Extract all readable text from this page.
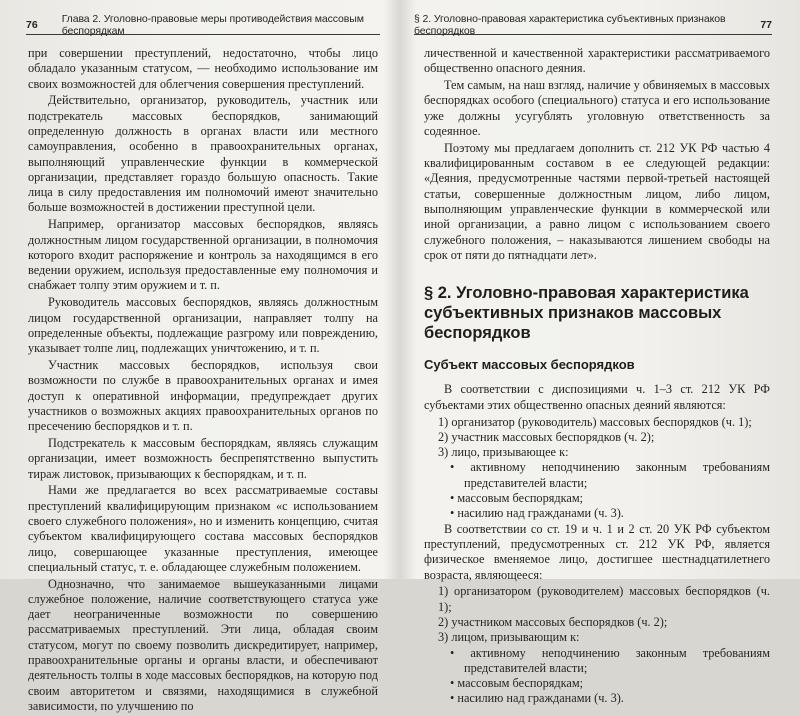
76 Глава 2. Уголовно-правовые меры противодействия массовым беспорядкам

при совершении преступлений, недостаточно, чтобы лицо обладало указанным статусом, — необходимо использование им своих возможностей для облегчения совершения преступлений.

Действительно, организатор, руководитель, участник или подстрекатель массовых беспорядков, занимающий определенную должность в органах власти или местного самоуправления, особенно в правоохранительных органах, выполняющий управленческие функции в коммерческой организации, представляет гораздо большую опасность. Такие лица в силу предоставления им полномочий имеют значительно больше возможностей в достижении преступной цели.

Например, организатор массовых беспорядков, являясь должностным лицом государственной организации, в полномочия которого входит распоряжение и контроль за находящимся в его ведении оружием, используя предоставленные ему полномочия и снабжает толпу этим оружием и т. п.

Руководитель массовых беспорядков, являясь должностным лицом государственной организации, направляет толпу на определенные объекты, подлежащие разгрому или повреждению, указывает толпе лиц, подлежащих уничтожению, и т. п.

Участник массовых беспорядков, используя свои возможности по службе в правоохранительных органах и имея доступ к оперативной информации, предупреждает других участников о возможных акциях правоохранительных органов по пресечению беспорядков и т. п.

Подстрекатель к массовым беспорядкам, являясь служащим организации, имеет возможность беспрепятственно выпустить тираж листовок, призывающих к беспорядкам, и т. п.

Нами же предлагается во всех рассматриваемые составы преступлений квалифицирующим признаком «с использованием своего служебного положения», но и изменить концепцию, считая субъектом квалифицирующего состава массовых беспорядков лицо, совершающее указанные преступления, имеющее специальный статус, т. е. обладающее служебным положением.

Однозначно, что занимаемое вышеуказанными лицами служебное положение, наличие соответствующего статуса уже дает неограниченные возможности по совершению рассматриваемых преступлений. Эти лица, обладая своим статусом, могут по своему позволить дискредитирует, например, правоохранительные органы и органы власти, и обеспечивают деятельность толпы в ходе массовых беспорядков, на которую под своим авторитетом и связями, находящимися в служебной зависимости, по улучшению по

§ 2. Уголовно-правовая характеристика субъективных признаков беспорядков	77

личественной и качественной характеристики рассматриваемого общественно опасного деяния.

Тем самым, на наш взгляд, наличие у обвиняемых в массовых беспорядках особого (специального) статуса и его использование уже должны усугублять уголовную ответственность за содеянное.

Поэтому мы предлагаем дополнить ст. 212 УК РФ частью 4 квалифицированным составом в ее следующей редакции: «Деяния, предусмотренные частями первой-третьей настоящей статьи, совершенные должностным лицом, либо лицом, выполняющим управленческие функции в коммерческой или иной организации, а равно лицом с использованием своего служебного положения, – наказываются лишением свободы на срок от пяти до пятнадцати лет».

§ 2. Уголовно-правовая характеристика субъективных признаков массовых беспорядков
Субъект массовых беспорядков

В соответствии с диспозициями ч. 1–3 ст. 212 УК РФ субъектами этих общественно опасных деяний являются:

1) организатор (руководитель) массовых беспорядков (ч. 1);

2) участник массовых беспорядков (ч. 2);

3) лицо, призывающее к:

• активному неподчинению законным требованиям представителей власти;

• массовым беспорядкам;

• насилию над гражданами (ч. 3).

В соответствии со ст. 19 и ч. 1 и 2 ст. 20 УК РФ субъектом преступлений, предусмотренных ст. 212 УК РФ, является физическое вменяемое лицо, достигшее шестнадцатилетнего возраста, являющееся:

1) организатором (руководителем) массовых беспорядков (ч. 1);

2) участником массовых беспорядков (ч. 2);

3) лицом, призывающим к:

• активному неподчинению законным требованиям представителей власти;

• массовым беспорядкам;

• насилию над гражданами (ч. 3).
